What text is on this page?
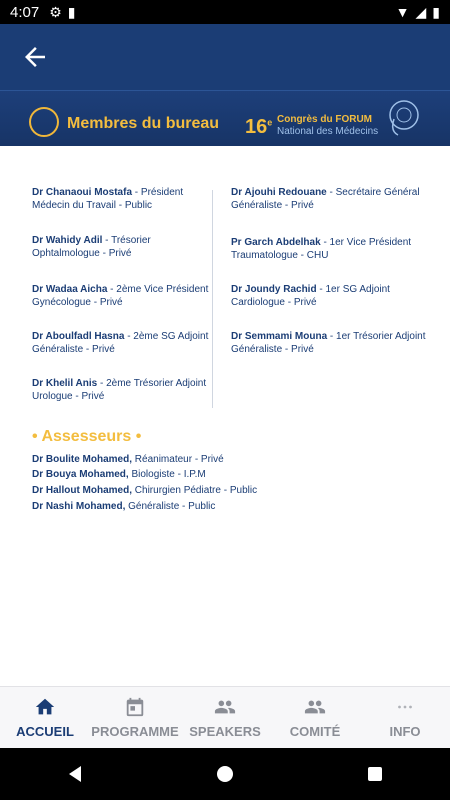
4:07 ⚙ ▮	▼ ◢ ▮
Membres du bureau 16e Congrès du FORUM
National des Médecins
Dr Chanaoui Mostafa - Président
Médecin du Travail - Public
Dr Wahidy Adil - Trésorier
Ophtalmologue - Privé
Dr Wadaa Aicha - 2ème Vice Président
Gynécologue - Privé
Dr Aboulfadl Hasna - 2ème SG Adjoint
Généraliste - Privé
Dr Khelil Anis - 2ème Trésorier Adjoint
Urologue - Privé
Dr Ajouhi Redouane - Secrétaire Général
Généraliste - Privé
Pr Garch Abdelhak - 1er Vice Président
Traumatologue - CHU
Dr Joundy Rachid - 1er SG Adjoint
Cardiologue - Privé
Dr Semmami Mouna - 1er Trésorier Adjoint
Généraliste - Privé
• Assesseurs •
Dr Boulite Mohamed, Réanimateur - Privé
Dr Bouya Mohamed, Biologiste - I.P.M
Dr Hallout Mohamed, Chirurgien Pédiatre - Public
Dr Nashi Mohamed, Généraliste - Public
ACCUEIL PROGRAMME SPEAKERS COMITÉ	INFO
